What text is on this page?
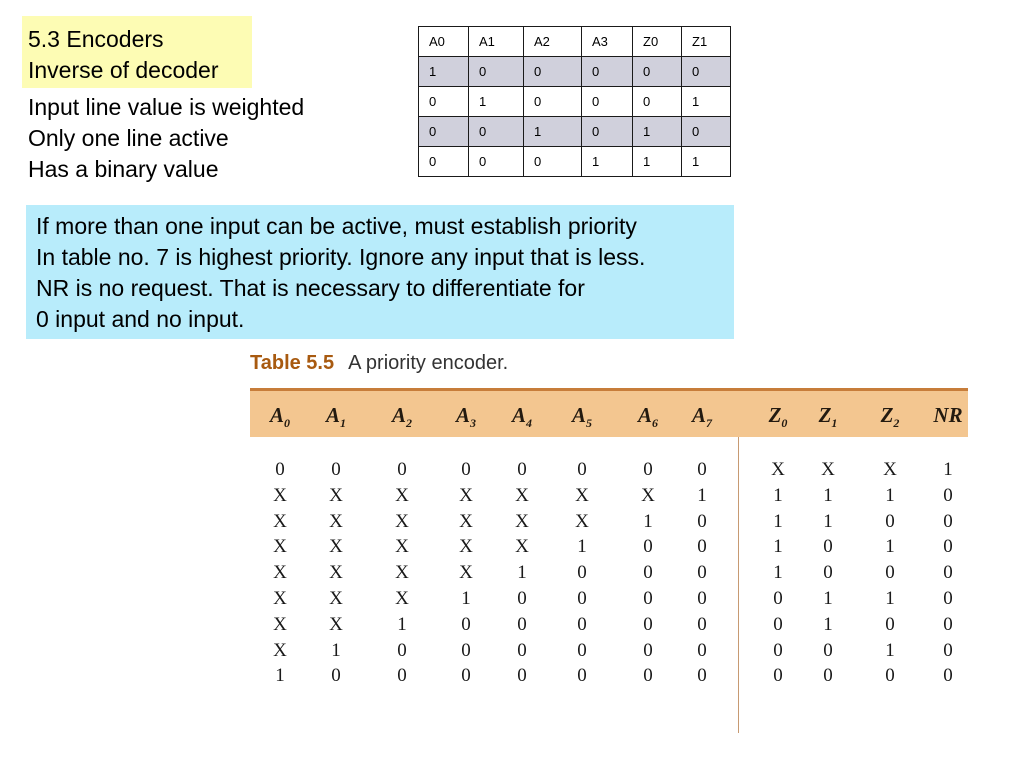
5.3 Encoders
Inverse of decoder
Input line value is weighted
Only one line active
Has a binary value
A0	A1	A2	A3	Z0	Z1
1	0	0	0	0	0
0	1	0	0	0	1
0	0	1	0	1	0
0	0	0	1	1	1
If more than one input can be active, must establish priority
In table no. 7 is highest priority. Ignore any input that is less.
NR is no request. That is necessary to differentiate for
0 input and no input.
Table 5.5 A priority encoder.
$A_0$ $A_1$ $A_2$ $A_3$ $A_4$ $A_5$ $A_6$ $A_7$	$Z_0$ $Z_1$ $Z_2$ NR
0 0	0	0 0	0	0 0	X X	X 1
X X	X	X X X	X 1	1 1	1	0
X X	X	X X X	1 0	1 1	0	0
X X	X	X X	1	0 0	1 0	1	0
X X	X	X 1	0	0 0	1 0	0	0
X X	X	1 0	0	0 0	0 1	1	0
X X	1	0 0	0	0 0	0 1	0	0
X 1	0	0 0	0	0 0	0 0	1	0
1 0	0	0 0	0	0 0	0 0	0	0
